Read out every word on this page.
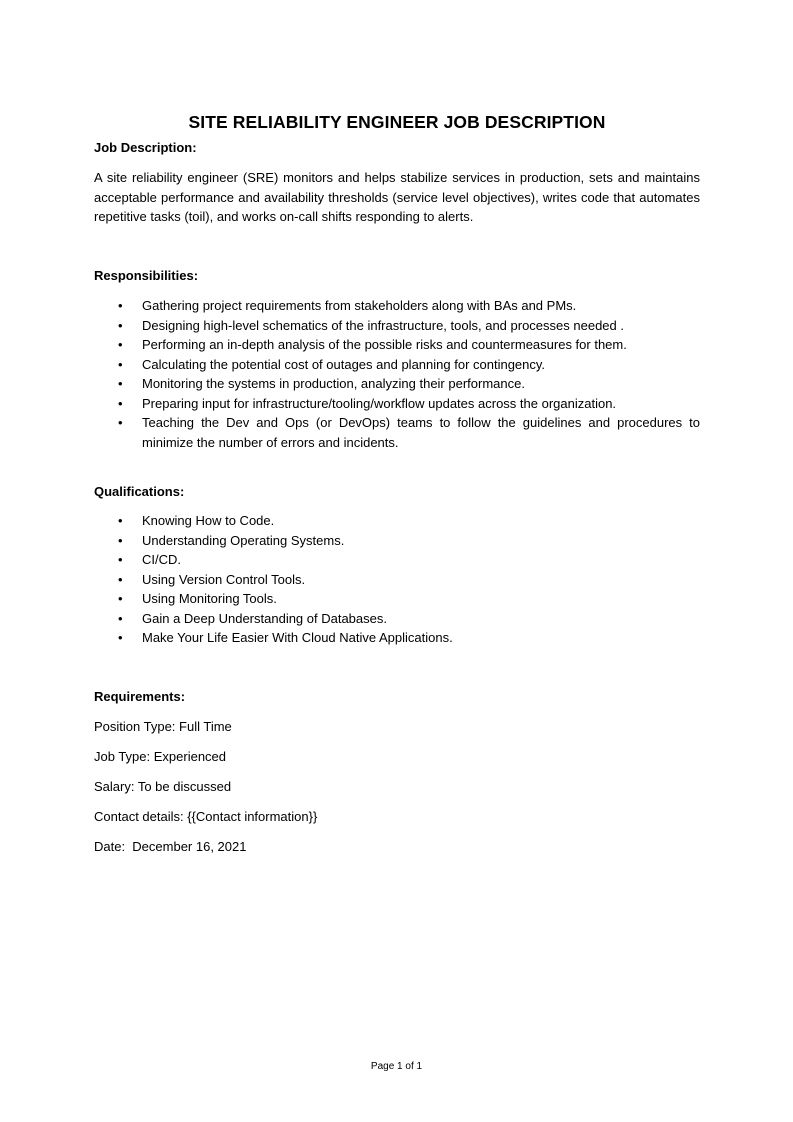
SITE RELIABILITY ENGINEER JOB DESCRIPTION
Job Description:
A site reliability engineer (SRE) monitors and helps stabilize services in production, sets and maintains acceptable performance and availability thresholds (service level objectives), writes code that automates repetitive tasks (toil), and works on-call shifts responding to alerts.
Responsibilities:
• Gathering project requirements from stakeholders along with BAs and PMs.
• Designing high-level schematics of the infrastructure, tools, and processes needed .
• Performing an in-depth analysis of the possible risks and countermeasures for them.
• Calculating the potential cost of outages and planning for contingency.
• Monitoring the systems in production, analyzing their performance.
• Preparing input for infrastructure/tooling/workflow updates across the organization.
• Teaching the Dev and Ops (or DevOps) teams to follow the guidelines and procedures to minimize the number of errors and incidents.
Qualifications:
• Knowing How to Code.
• Understanding Operating Systems.
• CI/CD.
• Using Version Control Tools.
• Using Monitoring Tools.
• Gain a Deep Understanding of Databases.
• Make Your Life Easier With Cloud Native Applications.
Requirements:
Position Type: Full Time
Job Type: Experienced
Salary: To be discussed
Contact details: {{Contact information}}
Date:  December 16, 2021
Page 1 of 1
